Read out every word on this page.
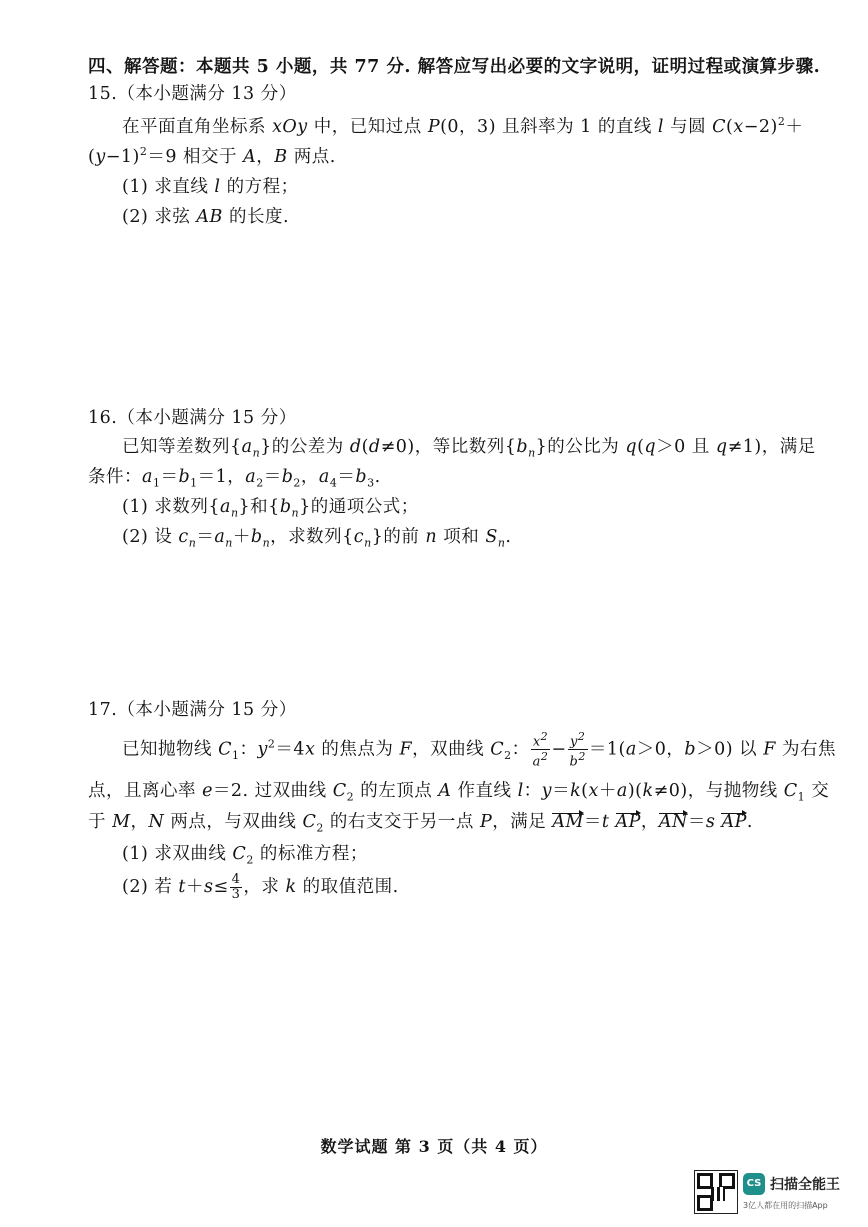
四、解答题：本题共 5 小题，共 77 分. 解答应写出必要的文字说明，证明过程或演算步骤.
15.（本小题满分 13 分）
在平面直角坐标系 xOy 中，已知过点 P(0，3) 且斜率为 1 的直线 l 与圆 $C(x-2)^2+$
$(y-1)^2=9$ 相交于 A，B 两点.
(1) 求直线 l 的方程；
(2) 求弦 AB 的长度.
16.（本小题满分 15 分）
已知等差数列$\{a_n\}$的公差为 d(d≠0)，等比数列$\{b_n\}$的公比为 q(q＞0 且 q≠1)，满足
条件：$a_1=b_1=1$，$a_2=b_2$，$a_4=b_3$.
(1) 求数列$\{a_n\}$和$\{b_n\}$的通项公式；
(2) 设 $c_n=a_n+b_n$，求数列$\{c_n\}$的前 n 项和 $S_n$.
17.（本小题满分 15 分）
已知抛物线 $C_1$：$y^2=4x$ 的焦点为 F，双曲线 $C_2$： $\frac{x^2}{a^2} - \frac{y^2}{b^2} =1(a>0$，b＞0) 以 F 为右焦
点，且离心率 e＝2. 过双曲线 $C_2$ 的左顶点 A 作直线 l：y＝k(x＋a)(k≠0)，与抛物线 $C_1$ 交
于 M，N 两点，与双曲线 $C_2$ 的右支交于另一点 P，满足 AM＝t AP，AN＝s AP.
(1) 求双曲线 $C_2$ 的标准方程；
(2) 若 $t+s\le \frac{4}{3}$ ，求 k 的取值范围.
数学试题 第 3 页（共 4 页）
CS 扫描全能王
3亿人都在用的扫描App
